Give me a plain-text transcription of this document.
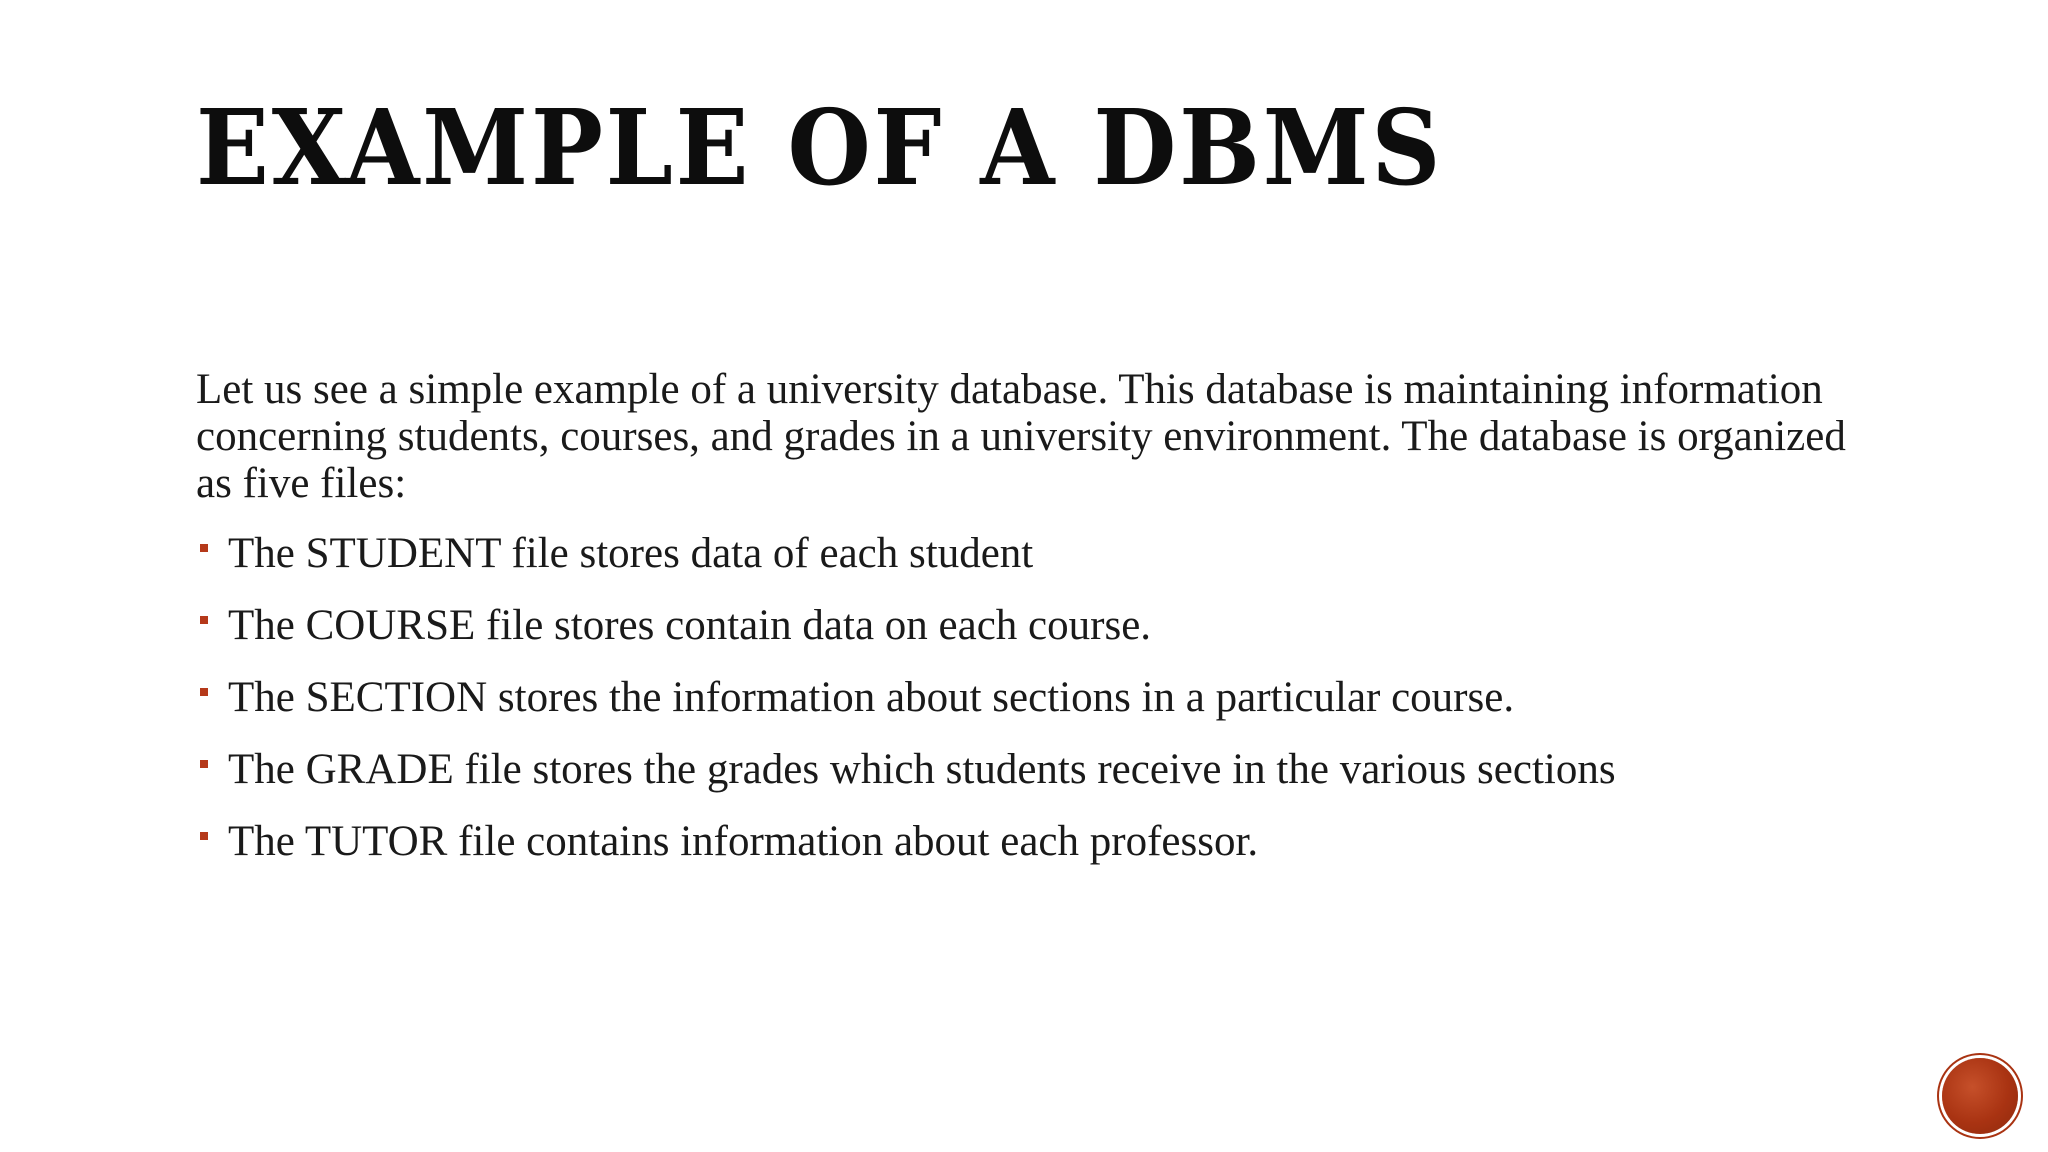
EXAMPLE OF A DBMS

Let us see a simple example of a university database. This database is maintaining information concerning students, courses, and grades in a university environment. The database is organized as five files:

The STUDENT file stores data of each student
The COURSE file stores contain data on each course.
The SECTION stores the information about sections in a particular course.
The GRADE file stores the grades which students receive in the various sections
The TUTOR file contains information about each professor.
